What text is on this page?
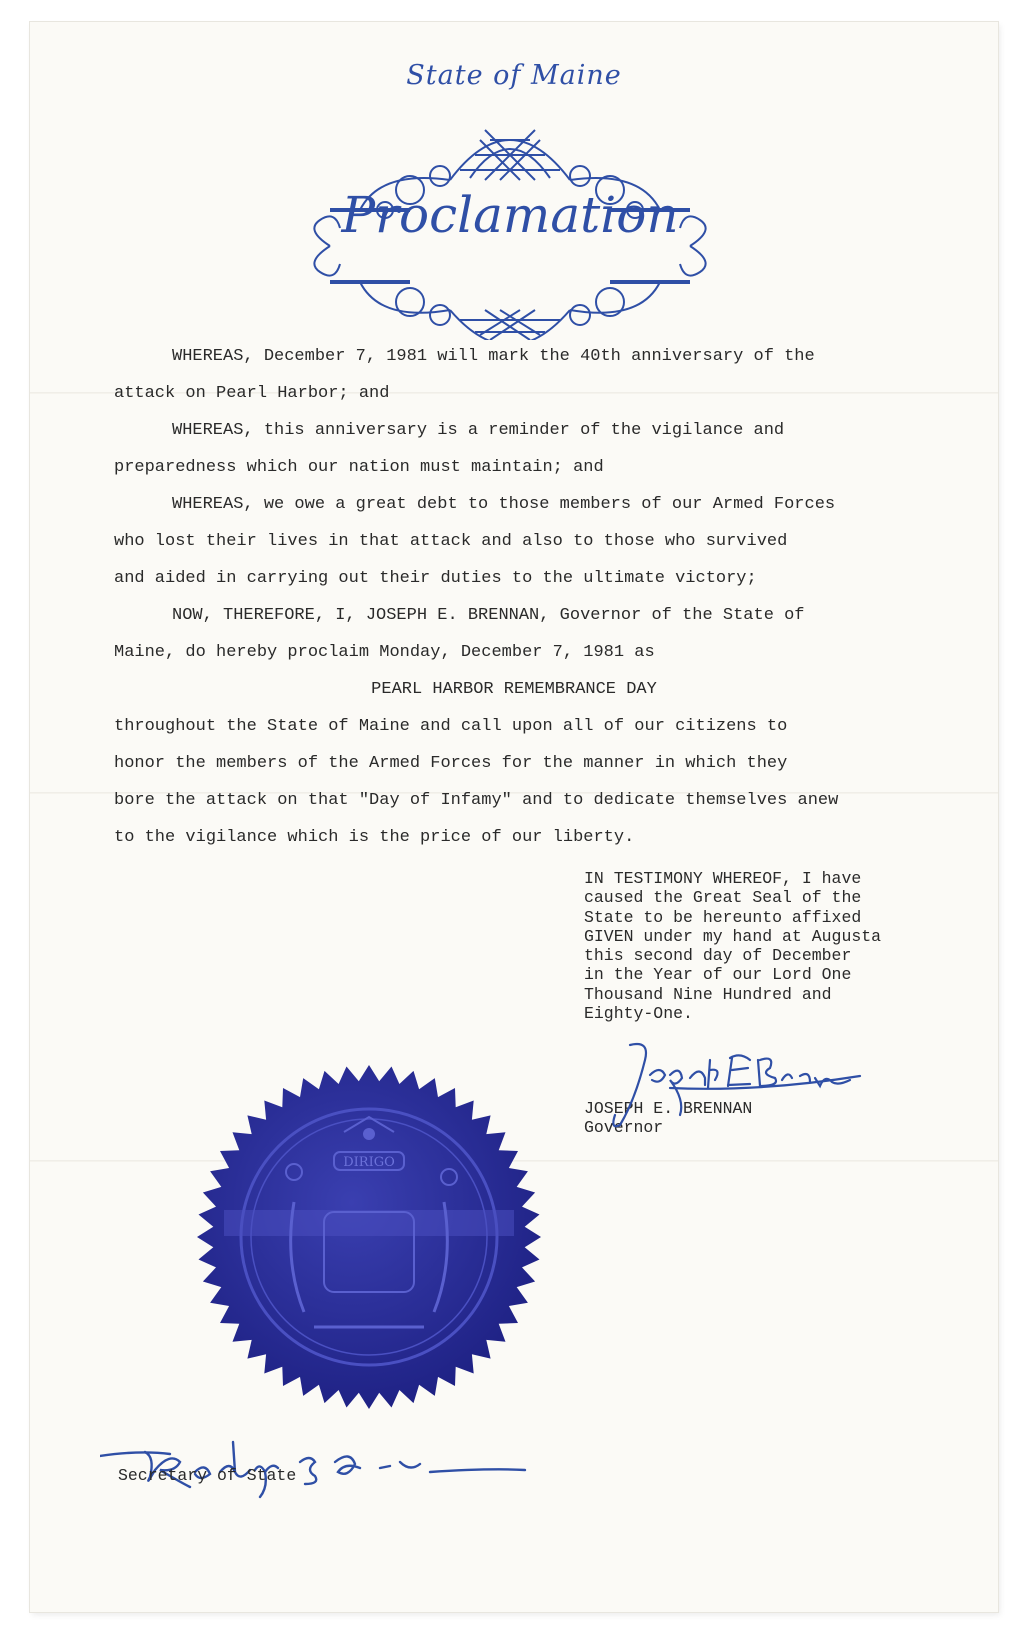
State of Maine
Proclamation
WHEREAS, December 7, 1981 will mark the 40th anniversary of the
attack on Pearl Harbor; and
WHEREAS, this anniversary is a reminder of the vigilance and
preparedness which our nation must maintain; and
WHEREAS, we owe a great debt to those members of our Armed Forces
who lost their lives in that attack and also to those who survived
and aided in carrying out their duties to the ultimate victory;
NOW, THEREFORE, I, JOSEPH E. BRENNAN, Governor of the State of
Maine, do hereby proclaim Monday, December 7, 1981 as
PEARL HARBOR REMEMBRANCE DAY
throughout the State of Maine and call upon all of our citizens to
honor the members of the Armed Forces for the manner in which they
bore the attack on that "Day of Infamy" and to dedicate themselves anew
to the vigilance which is the price of our liberty.
IN TESTIMONY WHEREOF, I have
caused the Great Seal of the
State to be hereunto affixed
GIVEN under my hand at Augusta
this second day of December
in the Year of our Lord One
Thousand Nine Hundred and
Eighty-One.
JOSEPH E. BRENNAN
Governor
DIRIGO
Secretary of State
